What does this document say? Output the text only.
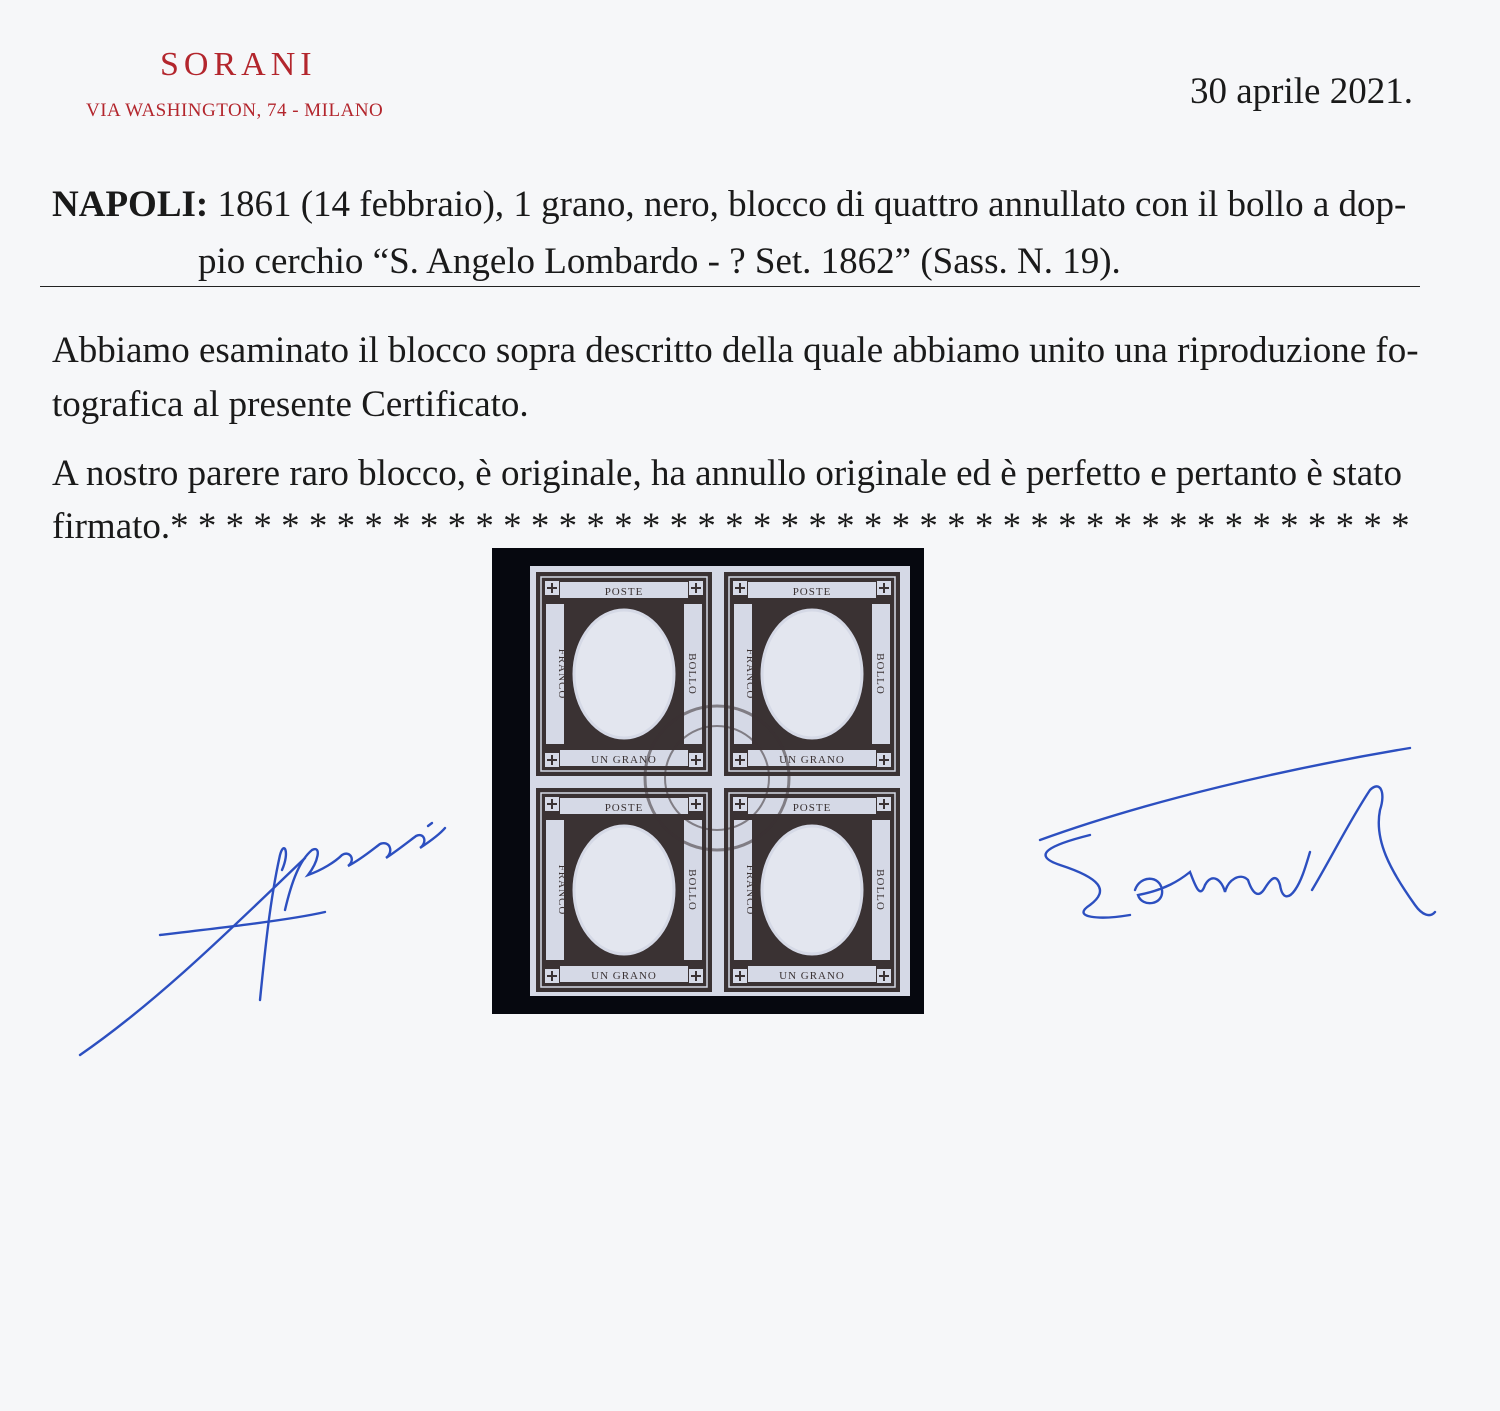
SORANI
VIA WASHINGTON, 74 - MILANO	30 aprile 2021.
NAPOLI: 1861 (14 febbraio), 1 grano, nero, blocco di quattro annullato con il bollo a dop-
pio cerchio “S. Angelo Lombardo - ? Set. 1862” (Sass. N. 19).
Abbiamo esaminato il blocco sopra descritto della quale abbiamo unito una riproduzione fo-
tografica al presente Certificato.
A nostro parere raro blocco, è originale, ha annullo originale ed è perfetto e pertanto è stato
firmato.* * * * * * * * * * * * * * * * * * * * * * * * * * * * * * * * * * * * * * * * * * * * *
POSTE
UN GRANO
FRANCO	BOLLO
POSTE
UN GRANO
FRANCO	BOLLO
POSTE
UN GRANO
FRANCO	BOLLO
POSTE
UN GRANO
FRANCO	BOLLO
